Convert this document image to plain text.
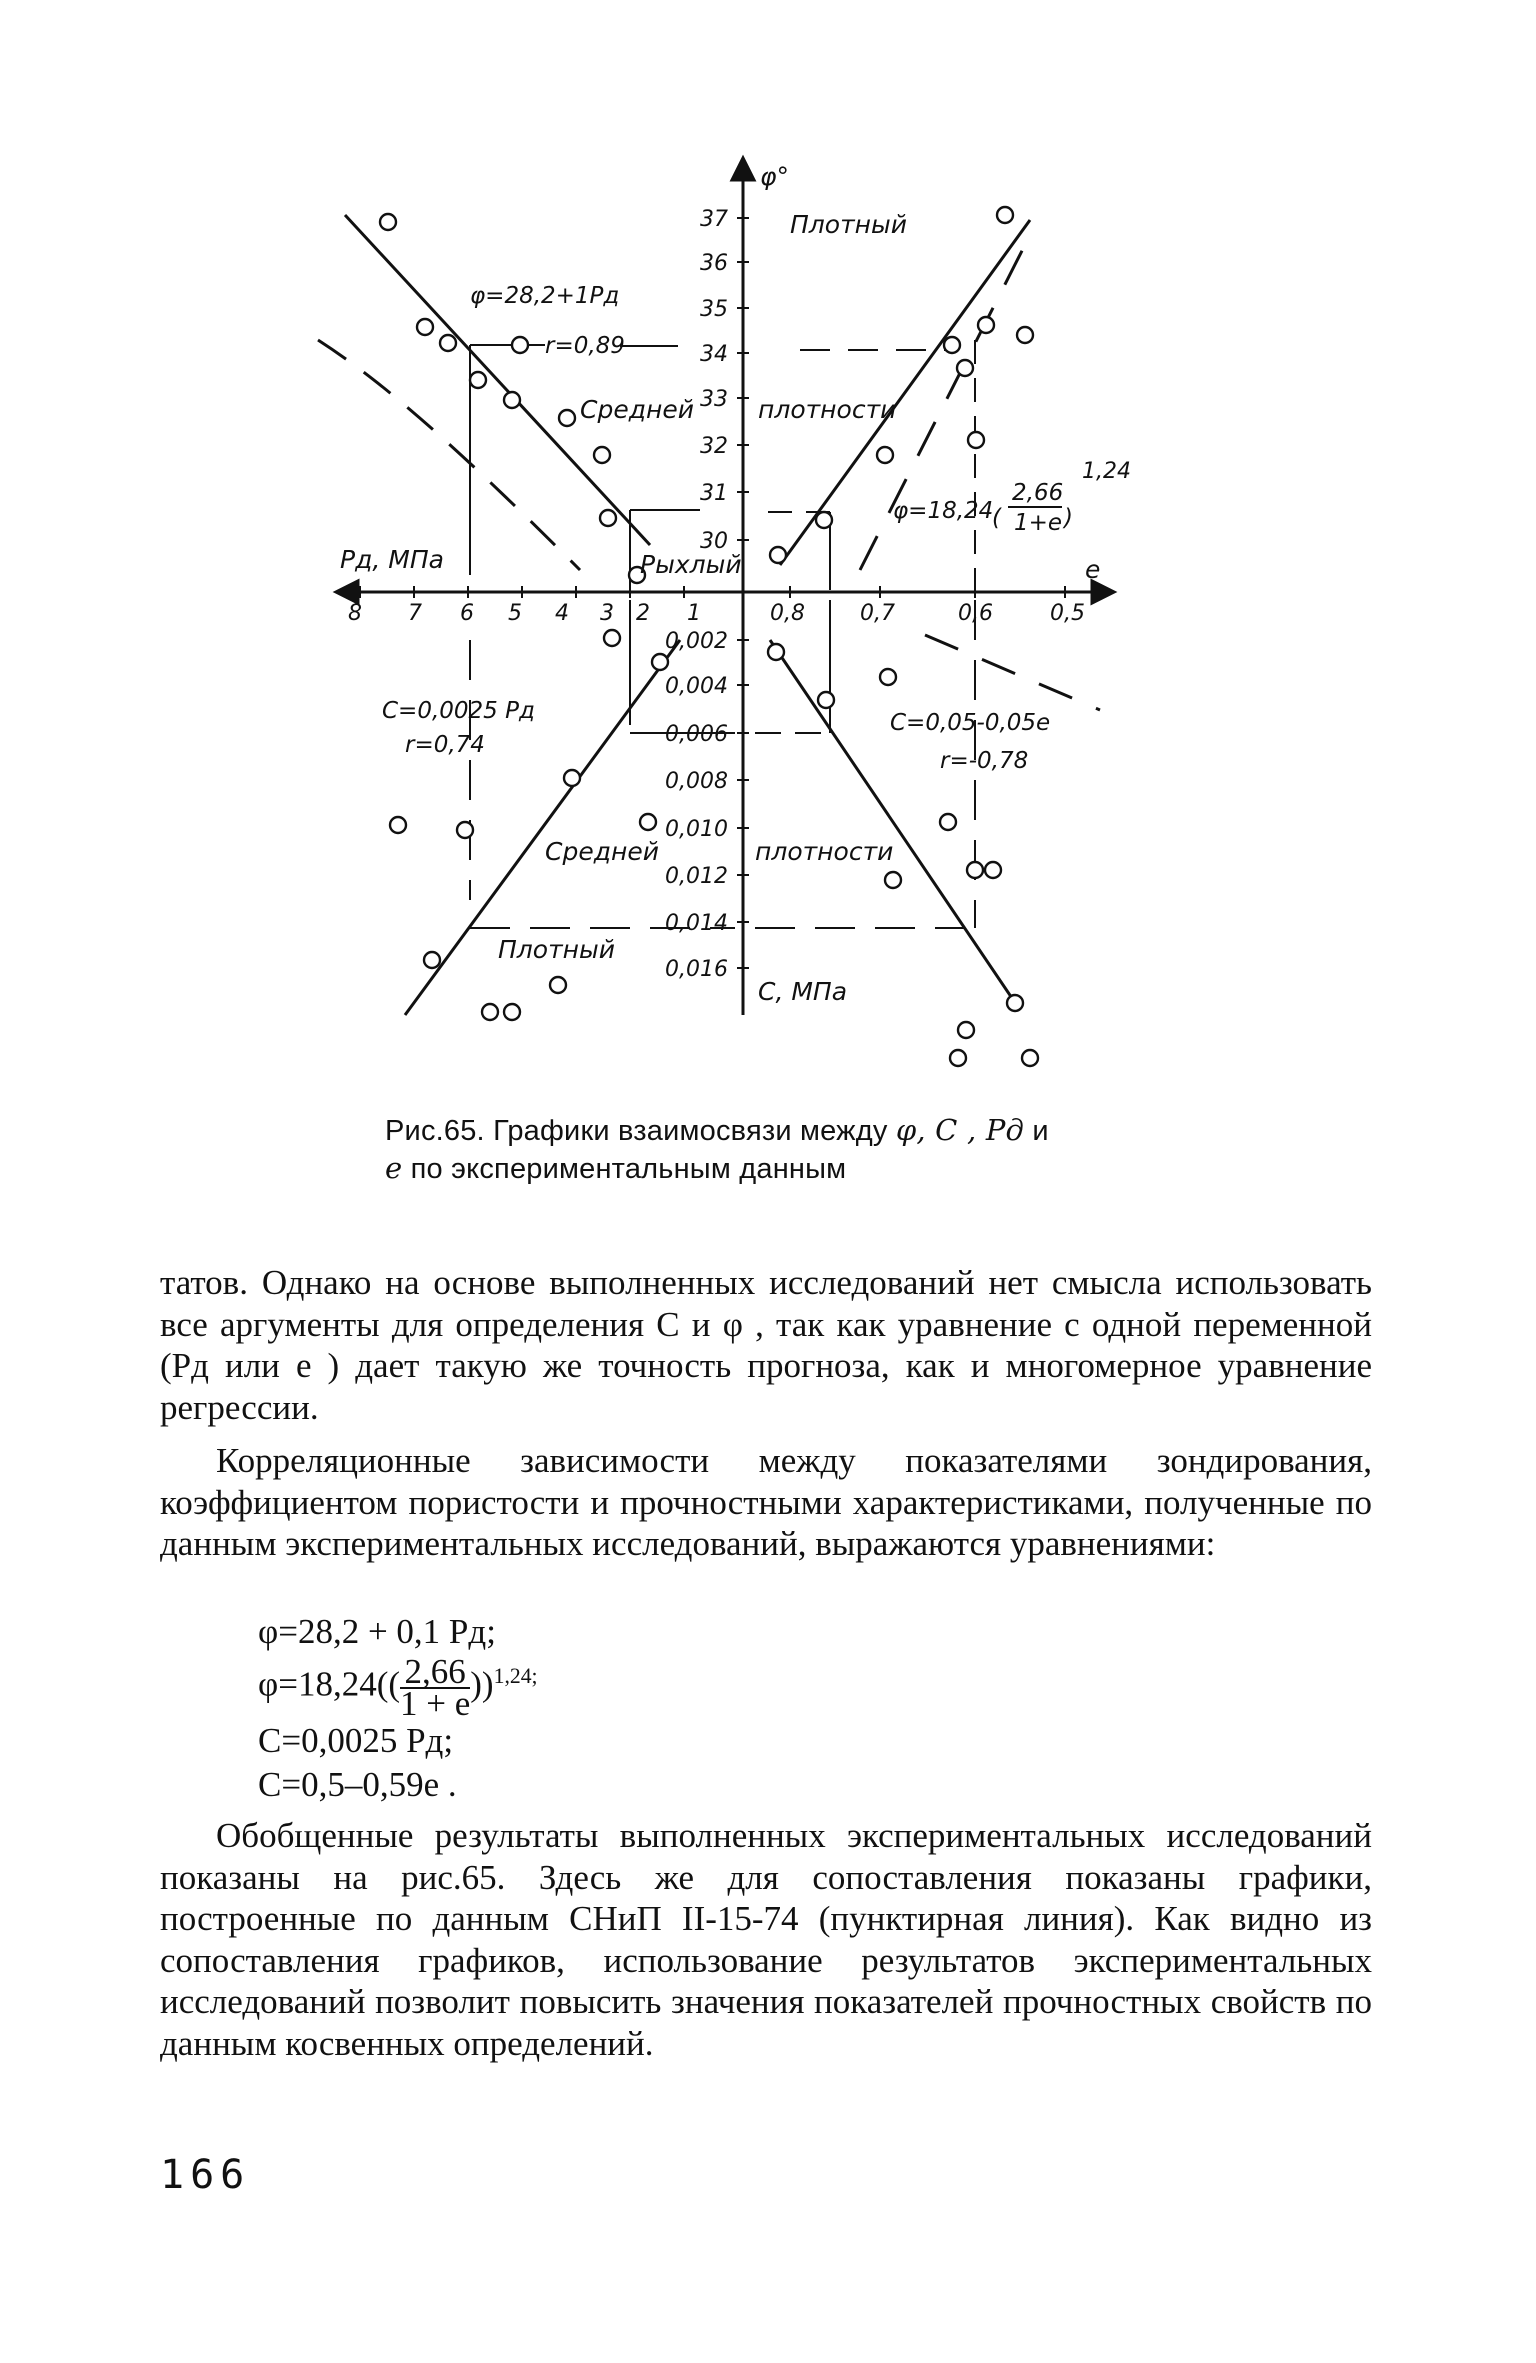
φ°
Pд, МПа	e
С, МПа
37
36
35
34
33
32
31
30
8 7 6 5 4 3 2 1	0,8	0,7	0,6	0,5
0,002
0,004
0,006
0,008
0,010
0,012
0,014
0,016
Плотный
Средней	плотности
Рыхлый
Средней	плотности
Плотный
φ=28,2+1Pд
r=0,89
φ=18,24
2,66
1+e
(	)
1,24
С=0,0025 Pд
r=0,74
С=0,05-0,05e
r=-0,78
Рис.65. Графики взаимосвязи между φ, С , Pд и
e по экспериментальным данным

татов. Однако на основе выполненных исследований нет смысла использовать все аргументы для определения С и φ , так как уравнение с одной переменной (Pд или e ) дает такую же точность прогноза, как и многомерное уравнение регрессии.

Корреляционные зависимости между показателями зондирования, коэффициентом пористости и прочностными характеристиками, полученные по данным экспериментальных исследований, выражаются уравнениями:

φ=28,2 + 0,1 Pд;
$\varphi=18,24(( \frac{2,66}{1 + e} ))^{1,24;}$
С=0,0025 Pд;
С=0,5–0,59e .

Обобщенные результаты выполненных экспериментальных исследований показаны на рис.65. Здесь же для сопоставления показаны графики, построенные по данным СНиП II-15-74 (пунктирная линия). Как видно из сопоставления графиков, использование результатов экспериментальных исследований позволит повысить значения показателей прочностных свойств по данным косвенных определений.

166
